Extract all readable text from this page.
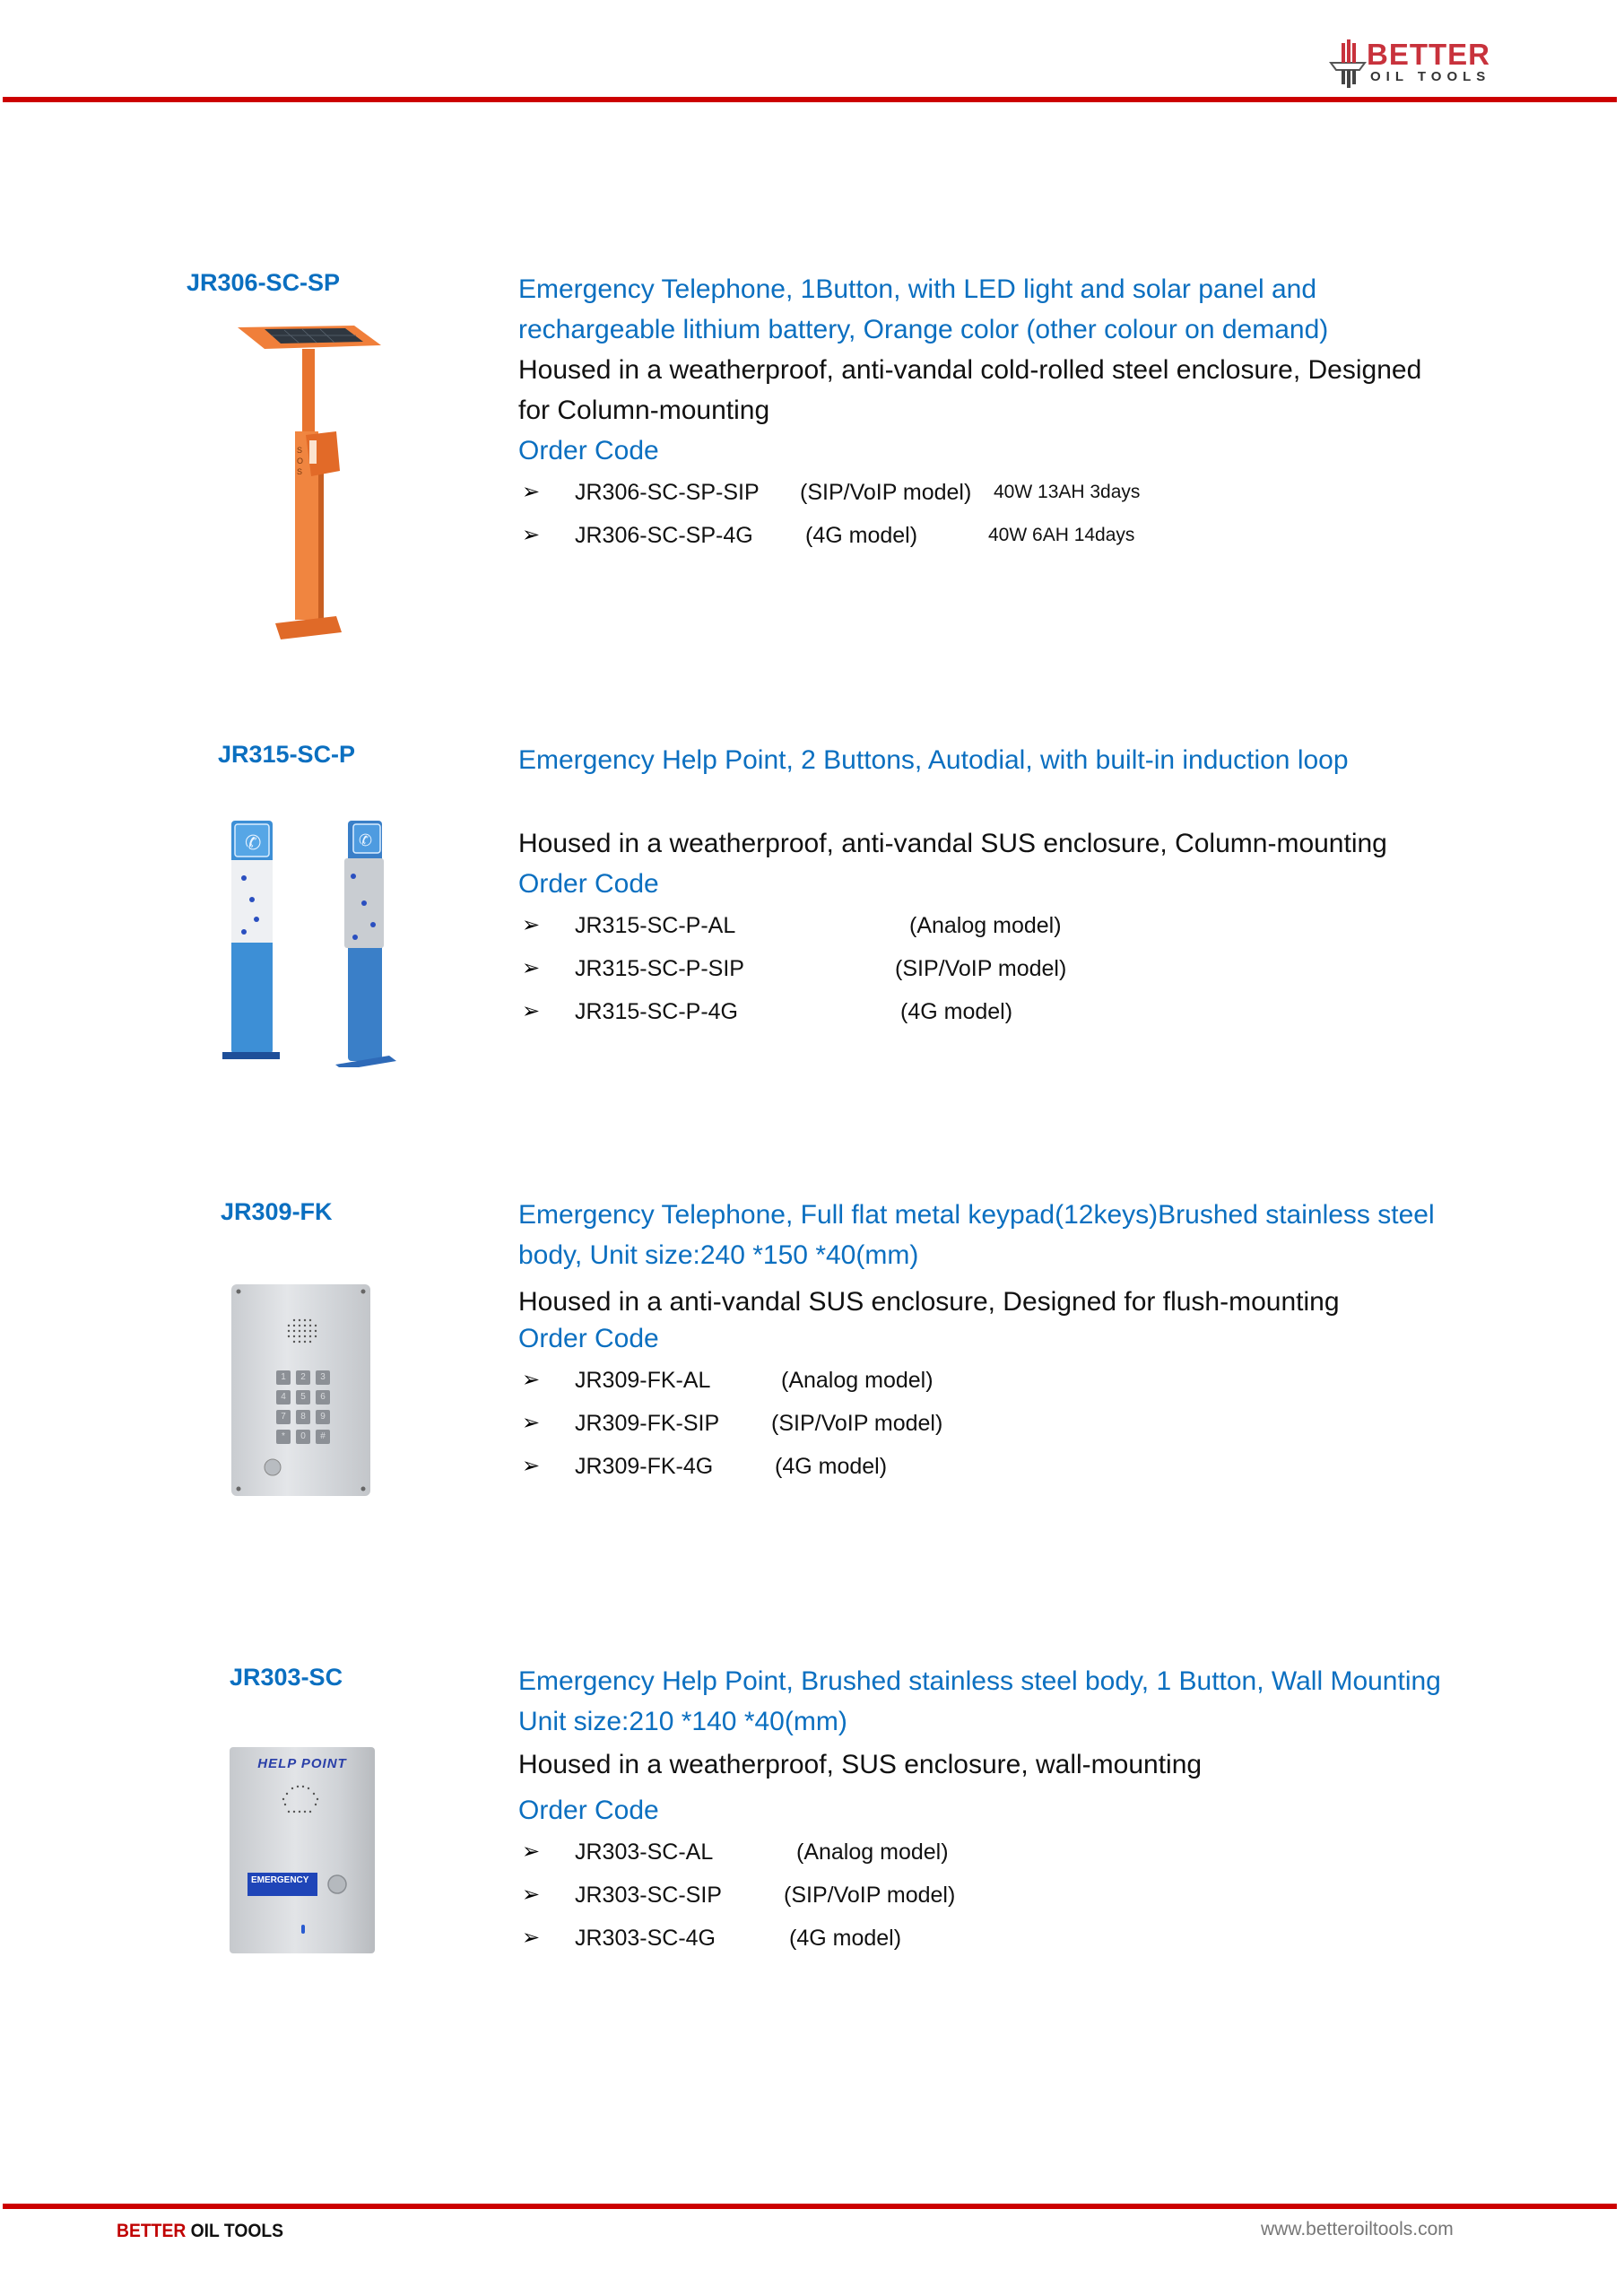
BETTER
OIL TOOLS
JR306-SC-SP
S
O
S
Emergency Telephone, 1Button, with LED light and solar panel and
rechargeable lithium battery, Orange color (other colour on demand)
Housed in a weatherproof, anti-vandal cold-rolled steel enclosure, Designed
for Column-mounting
Order Code
➢ JR306-SC-SP-SIP (SIP/VoIP model) 40W 13AH 3days
➢ JR306-SC-SP-4G (4G model)	40W 6AH 14days
JR315-SC-P
✆	✆
Emergency Help Point, 2 Buttons, Autodial, with built-in induction loop
Housed in a weatherproof, anti-vandal SUS enclosure, Column-mounting
Order Code
➢ JR315-SC-P-AL	(Analog model)
➢ JR315-SC-P-SIP	(SIP/VoIP model)
➢ JR315-SC-P-4G	(4G model)
JR309-FK
1	2	3
4	5	6
7	8	9
*	0	#
Emergency Telephone, Full flat metal keypad(12keys)Brushed stainless steel
body, Unit size:240 *150 *40(mm)
Housed in a anti-vandal SUS enclosure, Designed for flush-mounting
Order Code
➢ JR309-FK-AL	(Analog model)
➢ JR309-FK-SIP (SIP/VoIP model)
➢ JR309-FK-4G	(4G model)
JR303-SC
HELP POINT
EMERGENCY
Emergency Help Point, Brushed stainless steel body, 1 Button, Wall Mounting
Unit size:210 *140 *40(mm)
Housed in a weatherproof, SUS enclosure, wall-mounting
Order Code
➢ JR303-SC-AL	(Analog model)
➢ JR303-SC-SIP	(SIP/VoIP model)
➢ JR303-SC-4G	(4G model)
BETTER OIL TOOLS	www.betteroiltools.com
